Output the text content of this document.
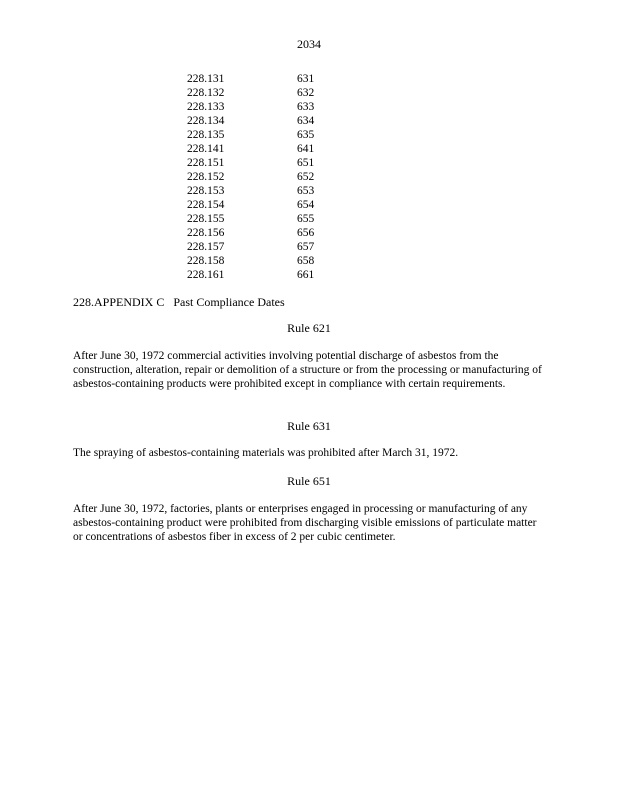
2034
228.131	631
228.132	632
228.133	633
228.134	634
228.135	635
228.141	641
228.151	651
228.152	652
228.153	653
228.154	654
228.155	655
228.156	656
228.157	657
228.158	658
228.161	661
228.APPENDIX C Past Compliance Dates
Rule 621
After June 30, 1972 commercial activities involving potential discharge of asbestos from the construction, alteration, repair or demolition of a structure or from the processing or manufacturing of asbestos-containing products were prohibited except in compliance with certain requirements.
Rule 631
The spraying of asbestos-containing materials was prohibited after March 31, 1972.
Rule 651
After June 30, 1972, factories, plants or enterprises engaged in processing or manufacturing of any asbestos-containing product were prohibited from discharging visible emissions of particulate matter or concentrations of asbestos fiber in excess of 2 per cubic centimeter.
